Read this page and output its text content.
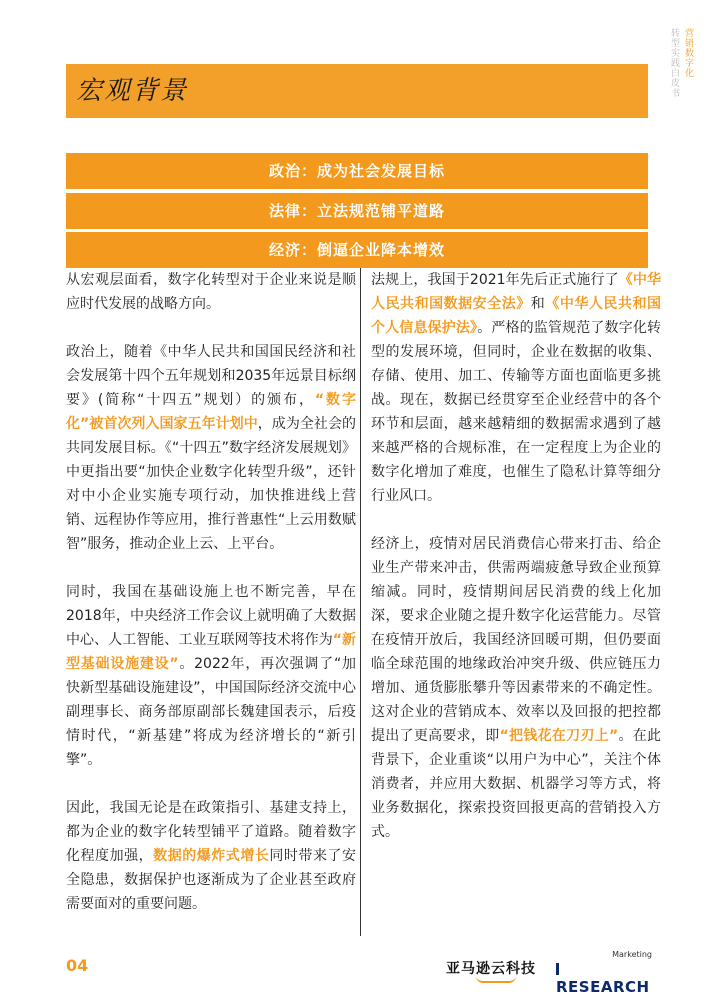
营销数字化
转型实践白皮书
宏观背景
政治：成为社会发展目标
法律：立法规范铺平道路
经济：倒逼企业降本增效

从宏观层面看，数字化转型对于企业来说是顺应时代发展的战略方向。

政治上，随着《中华人民共和国国民经济和社会发展第十四个五年规划和2035年远景目标纲要》(简称“十四五”规划）的颁布，“数字化”被首次列入国家五年计划中，成为全社会的共同发展目标。《“十四五”数字经济发展规划》中更指出要“加快企业数字化转型升级”，还针对中小企业实施专项行动，加快推进线上营销、远程协作等应用，推行普惠性“上云用数赋智”服务，推动企业上云、上平台。

同时，我国在基础设施上也不断完善，早在2018年，中央经济工作会议上就明确了大数据中心、人工智能、工业互联网等技术将作为“新型基础设施建设”。2022年，再次强调了“加快新型基础设施建设”，中国国际经济交流中心副理事长、商务部原副部长魏建国表示，后疫情时代，“新基建”将成为经济增长的“新引擎”。

因此，我国无论是在政策指引、基建支持上，都为企业的数字化转型铺平了道路。随着数字化程度加强，数据的爆炸式增长同时带来了安全隐患，数据保护也逐渐成为了企业甚至政府需要面对的重要问题。

法规上，我国于2021年先后正式施行了《中华人民共和国数据安全法》和《中华人民共和国个人信息保护法》。严格的监管规范了数字化转型的发展环境，但同时，企业在数据的收集、存储、使用、加工、传输等方面也面临更多挑战。现在，数据已经贯穿至企业经营中的各个环节和层面，越来越精细的数据需求遇到了越来越严格的合规标准，在一定程度上为企业的数字化增加了难度，也催生了隐私计算等细分行业风口。

经济上，疫情对居民消费信心带来打击、给企业生产带来冲击，供需两端疲惫导致企业预算缩减。同时，疫情期间居民消费的线上化加深，要求企业随之提升数字化运营能力。尽管在疫情开放后，我国经济回暖可期，但仍要面临全球范围的地缘政治冲突升级、供应链压力增加、通货膨胀攀升等因素带来的不确定性。这对企业的营销成本、效率以及回报的把控都提出了更高要求，即“把钱花在刀刃上”。在此背景下，企业重谈“以用户为中心”，关注个体消费者，并应用大数据、机器学习等方式，将业务数据化，探索投资回报更高的营销投入方式。

04	亚马逊云科技
Marketing
RESEARCH
